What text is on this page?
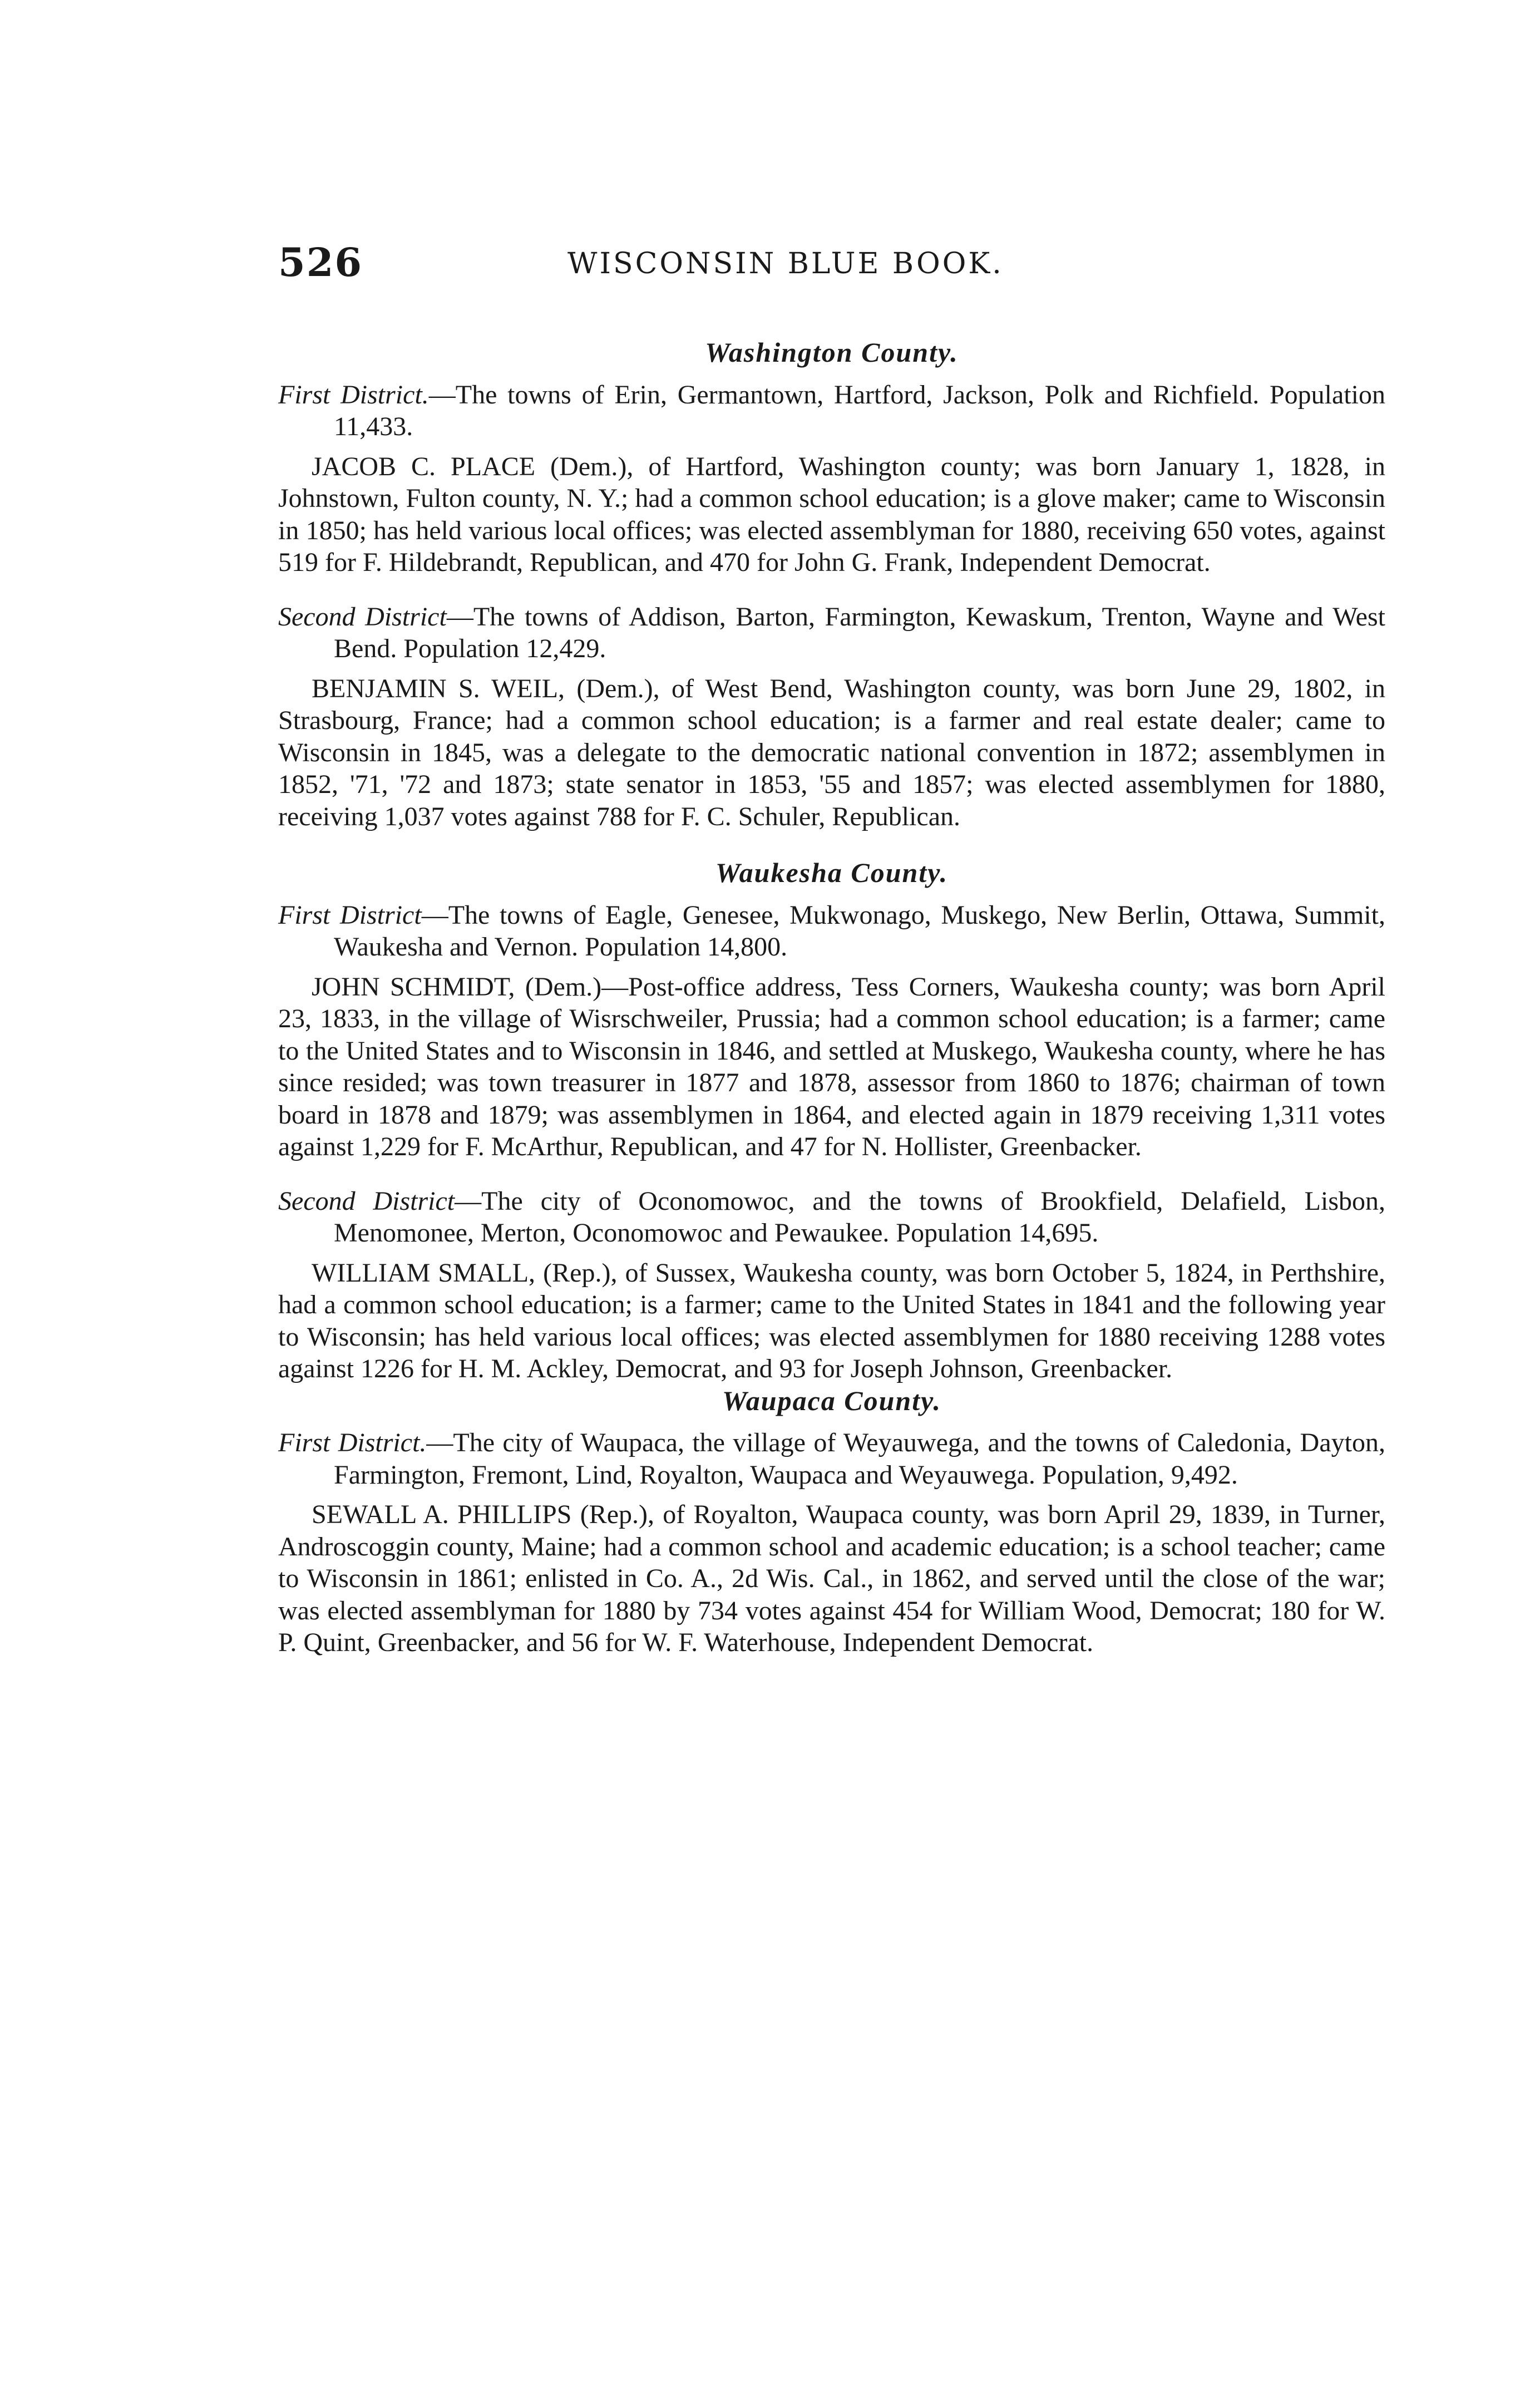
526	WISCONSIN BLUE BOOK.
Washington County.

First District.—The towns of Erin, Germantown, Hartford, Jackson, Polk and Richfield. Population 11,433.

JACOB C. PLACE (Dem.), of Hartford, Washington county; was born January 1, 1828, in Johnstown, Fulton county, N. Y.; had a common school education; is a glove maker; came to Wisconsin in 1850; has held various local offices; was elected assemblyman for 1880, receiving 650 votes, against 519 for F. Hildebrandt, Republican, and 470 for John G. Frank, Independent Democrat.

Second District—The towns of Addison, Barton, Farmington, Kewaskum, Trenton, Wayne and West Bend. Population 12,429.

BENJAMIN S. WEIL, (Dem.), of West Bend, Washington county, was born June 29, 1802, in Strasbourg, France; had a common school education; is a farmer and real estate dealer; came to Wisconsin in 1845, was a delegate to the democratic national convention in 1872; assemblymen in 1852, '71, '72 and 1873; state senator in 1853, '55 and 1857; was elected assemblymen for 1880, receiving 1,037 votes against 788 for F. C. Schuler, Republican.

Waukesha County.

First District—The towns of Eagle, Genesee, Mukwonago, Muskego, New Berlin, Ottawa, Summit, Waukesha and Vernon. Population 14,800.

JOHN SCHMIDT, (Dem.)—Post-office address, Tess Corners, Waukesha county; was born April 23, 1833, in the village of Wisrschweiler, Prussia; had a common school education; is a farmer; came to the United States and to Wisconsin in 1846, and settled at Muskego, Waukesha county, where he has since resided; was town treasurer in 1877 and 1878, assessor from 1860 to 1876; chairman of town board in 1878 and 1879; was assemblymen in 1864, and elected again in 1879 receiving 1,311 votes against 1,229 for F. McArthur, Republican, and 47 for N. Hollister, Greenbacker.

Second District—The city of Oconomowoc, and the towns of Brookfield, Delafield, Lisbon, Menomonee, Merton, Oconomowoc and Pewaukee. Population 14,695.

WILLIAM SMALL, (Rep.), of Sussex, Waukesha county, was born October 5, 1824, in Perthshire, had a common school education; is a farmer; came to the United States in 1841 and the following year to Wisconsin; has held various local offices; was elected assemblymen for 1880 receiving 1288 votes against 1226 for H. M. Ackley, Democrat, and 93 for Joseph Johnson, Greenbacker.

Waupaca County.

First District.—The city of Waupaca, the village of Weyauwega, and the towns of Caledonia, Dayton, Farmington, Fremont, Lind, Royalton, Waupaca and Weyauwega. Population, 9,492.

SEWALL A. PHILLIPS (Rep.), of Royalton, Waupaca county, was born April 29, 1839, in Turner, Androscoggin county, Maine; had a common school and academic education; is a school teacher; came to Wisconsin in 1861; enlisted in Co. A., 2d Wis. Cal., in 1862, and served until the close of the war; was elected assemblyman for 1880 by 734 votes against 454 for William Wood, Democrat; 180 for W. P. Quint, Greenbacker, and 56 for W. F. Waterhouse, Independent Democrat.
